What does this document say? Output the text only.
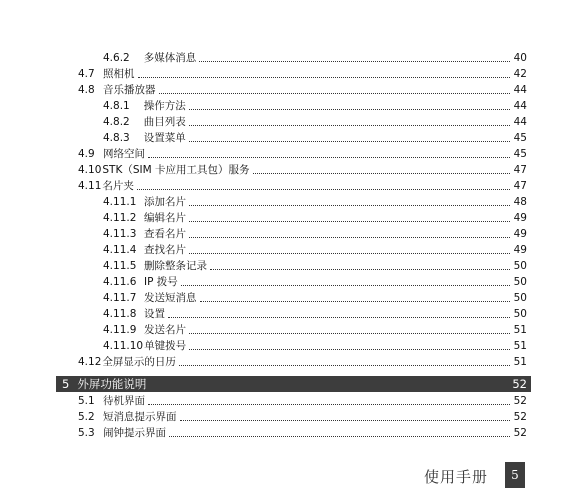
4.6.2 多媒体消息	40
4.7 照相机	42
4.8 音乐播放器	44
4.8.1 操作方法	44
4.8.2 曲目列表	44
4.8.3 设置菜单	45
4.9 网络空间	45
4.10 STK（SIM 卡应用工具包）服务	47
4.11 名片夹	47
4.11.1 添加名片	48
4.11.2 编辑名片	49
4.11.3 查看名片	49
4.11.4 查找名片	49
4.11.5 删除整条记录	50
4.11.6 IP 拨号	50
4.11.7 发送短消息	50
4.11.8 设置	50
4.11.9 发送名片	51
4.11.10 单键拨号	51
4.12 全屏显示的日历	51
5 外屏功能说明	52
5.1 待机界面	52
5.2 短消息提示界面	52
5.3 闹钟提示界面	52
使用手册	5
